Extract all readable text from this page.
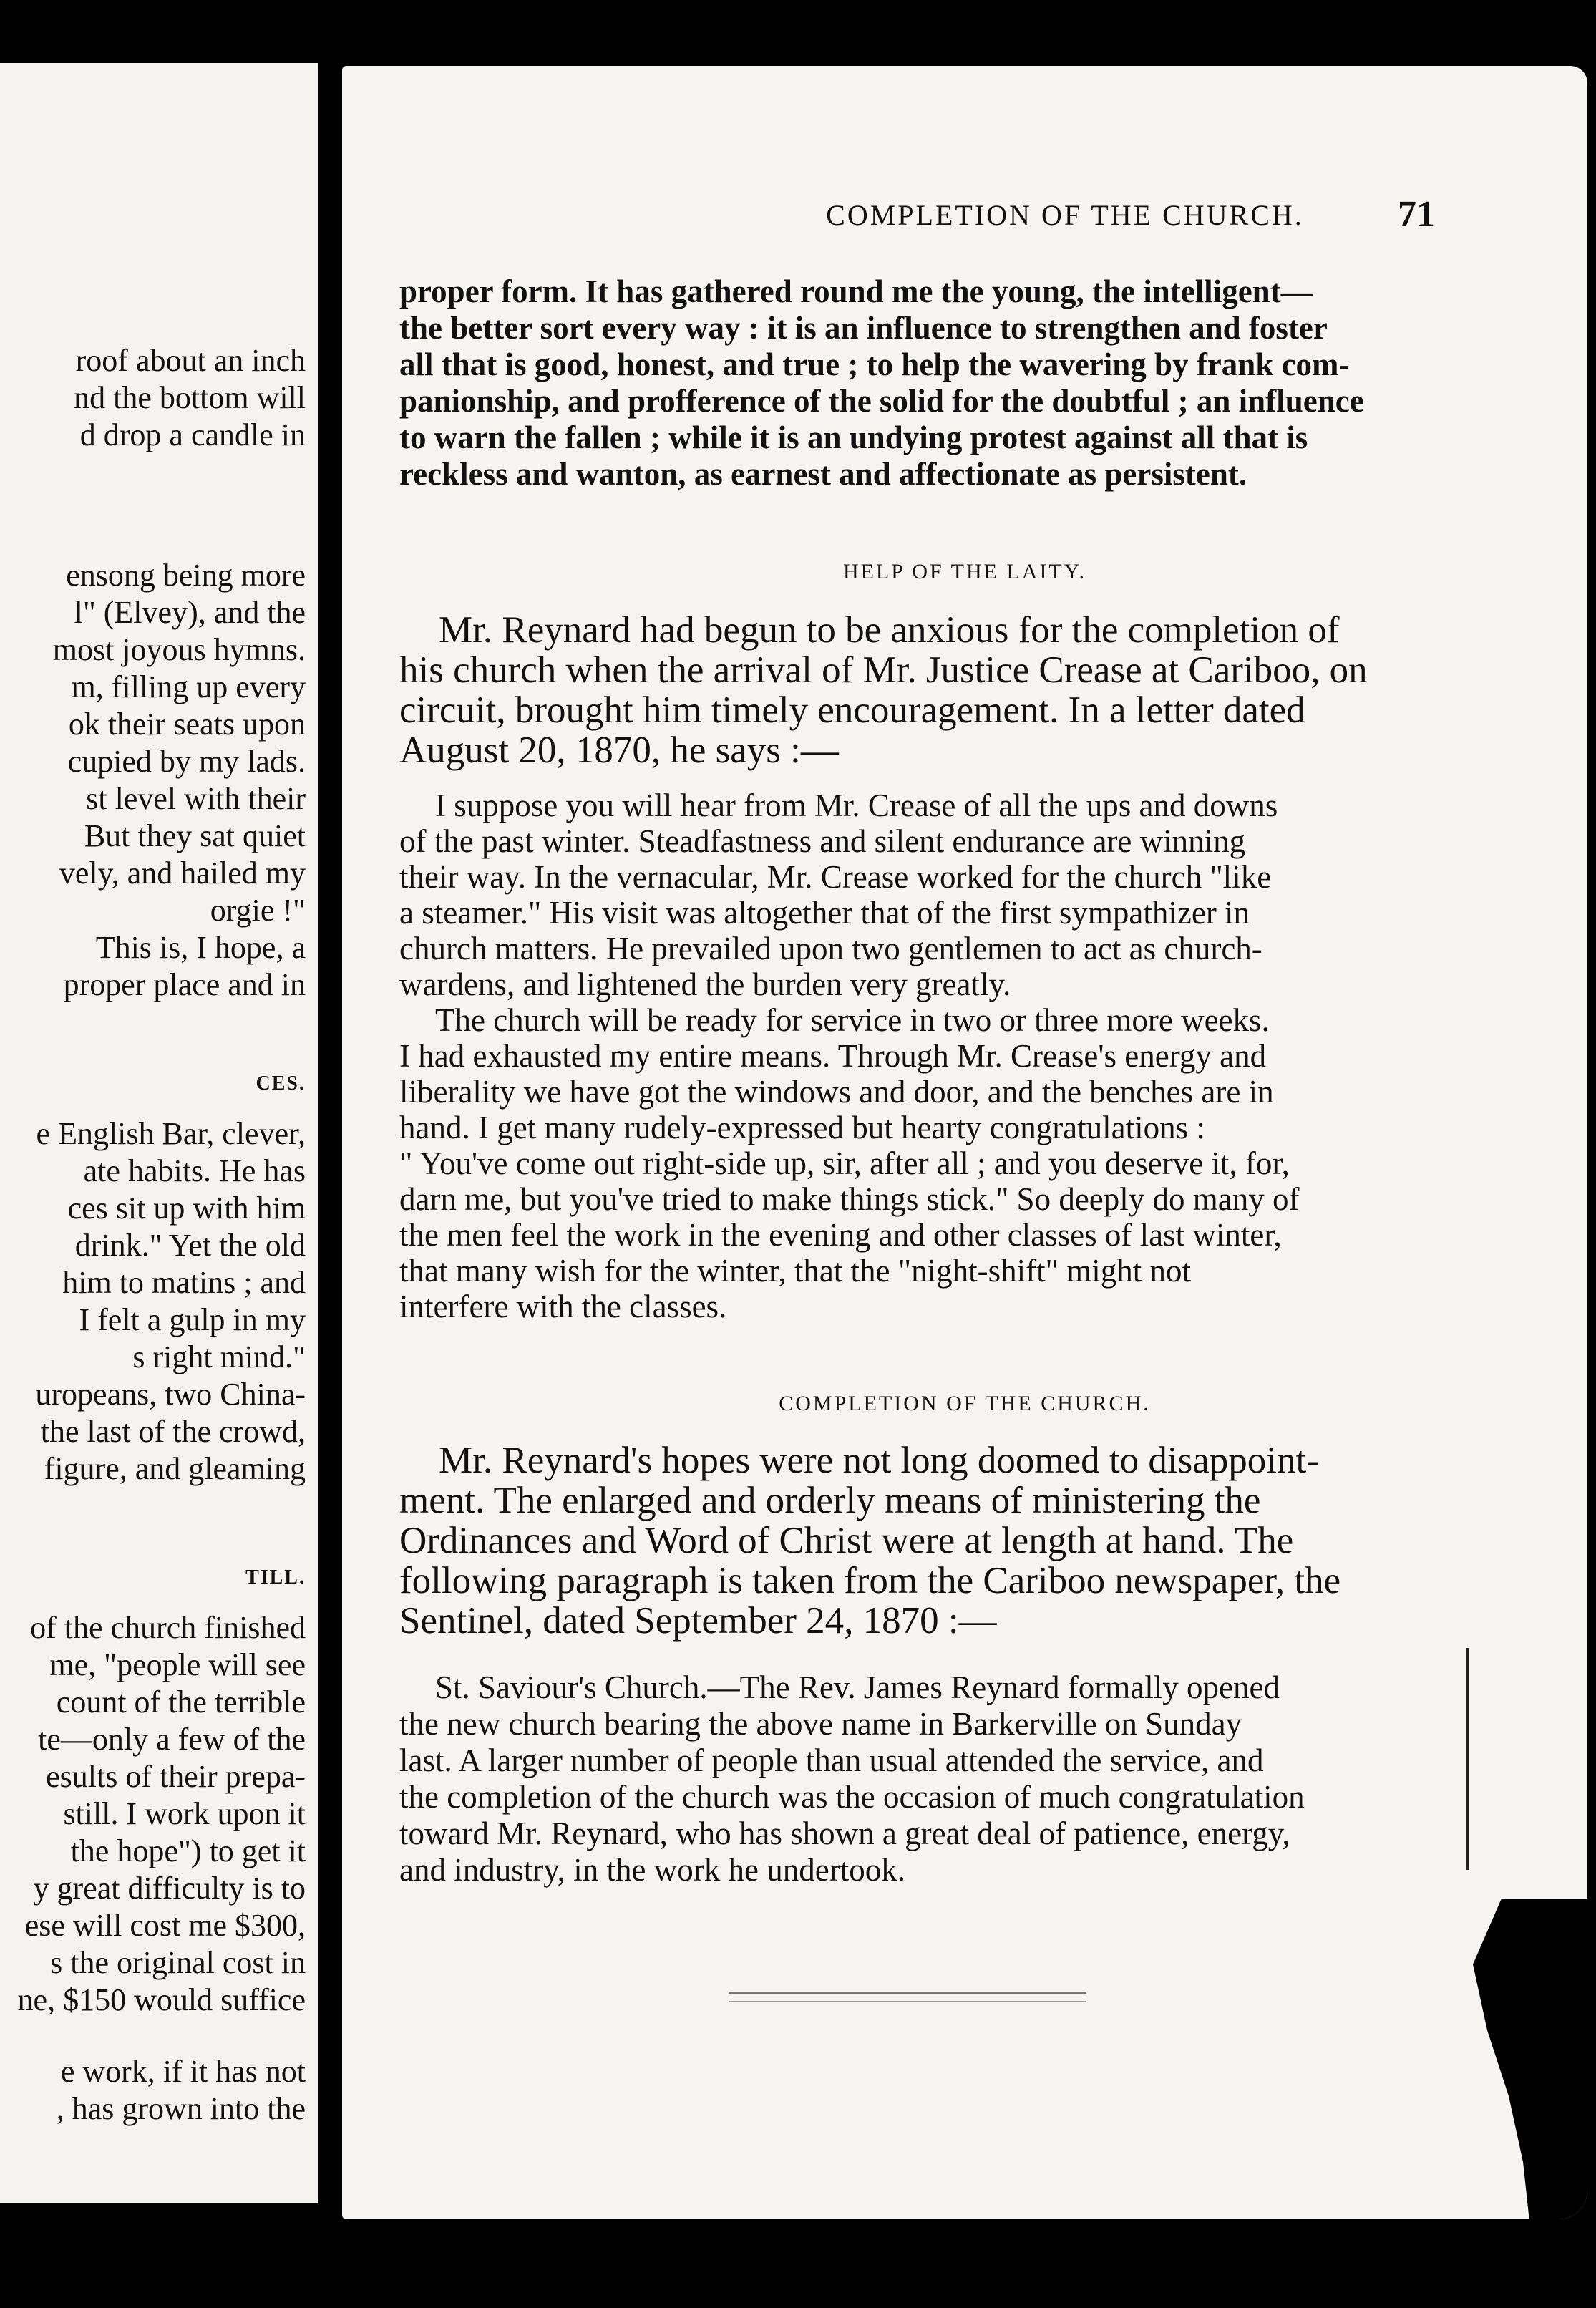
roof about an inch
nd the bottom will
d drop a candle in
ensong being more
l" (Elvey), and the
most joyous hymns.
m, filling up every
ok their seats upon
cupied by my lads.
st level with their
But they sat quiet
vely, and hailed my
orgie !"
This is, I hope, a
proper place and in
CES.
e English Bar, clever,
ate habits. He has
ces sit up with him
drink." Yet the old
him to matins ; and
I felt a gulp in my
s right mind."
uropeans, two China-
the last of the crowd,
figure, and gleaming
TILL.
of the church finished
me, "people will see
count of the terrible
te—only a few of the
esults of their prepa-
still. I work upon it
the hope") to get it
y great difficulty is to
ese will cost me $300,
s the original cost in
ne, $150 would suffice
e work, if it has not
, has grown into the
COMPLETION OF THE CHURCH.	71
proper form. It has gathered round me the young, the intelligent—
the better sort every way : it is an influence to strengthen and foster
all that is good, honest, and true ; to help the wavering by frank com-
panionship, and profference of the solid for the doubtful ; an influence
to warn the fallen ; while it is an undying protest against all that is
reckless and wanton, as earnest and affectionate as persistent.
HELP OF THE LAITY.
Mr. Reynard had begun to be anxious for the completion of
his church when the arrival of Mr. Justice Crease at Cariboo, on
circuit, brought him timely encouragement. In a letter dated
August 20, 1870, he says :—
I suppose you will hear from Mr. Crease of all the ups and downs
of the past winter. Steadfastness and silent endurance are winning
their way. In the vernacular, Mr. Crease worked for the church "like
a steamer." His visit was altogether that of the first sympathizer in
church matters. He prevailed upon two gentlemen to act as church-
wardens, and lightened the burden very greatly.
The church will be ready for service in two or three more weeks.
I had exhausted my entire means. Through Mr. Crease's energy and
liberality we have got the windows and door, and the benches are in
hand. I get many rudely-expressed but hearty congratulations :
" You've come out right-side up, sir, after all ; and you deserve it, for,
darn me, but you've tried to make things stick." So deeply do many of
the men feel the work in the evening and other classes of last winter,
that many wish for the winter, that the "night-shift" might not
interfere with the classes.
COMPLETION OF THE CHURCH.
Mr. Reynard's hopes were not long doomed to disappoint-
ment. The enlarged and orderly means of ministering the
Ordinances and Word of Christ were at length at hand. The
following paragraph is taken from the Cariboo newspaper, the
Sentinel, dated September 24, 1870 :—
St. Saviour's Church.—The Rev. James Reynard formally opened
the new church bearing the above name in Barkerville on Sunday
last. A larger number of people than usual attended the service, and
the completion of the church was the occasion of much congratulation
toward Mr. Reynard, who has shown a great deal of patience, energy,
and industry, in the work he undertook.
